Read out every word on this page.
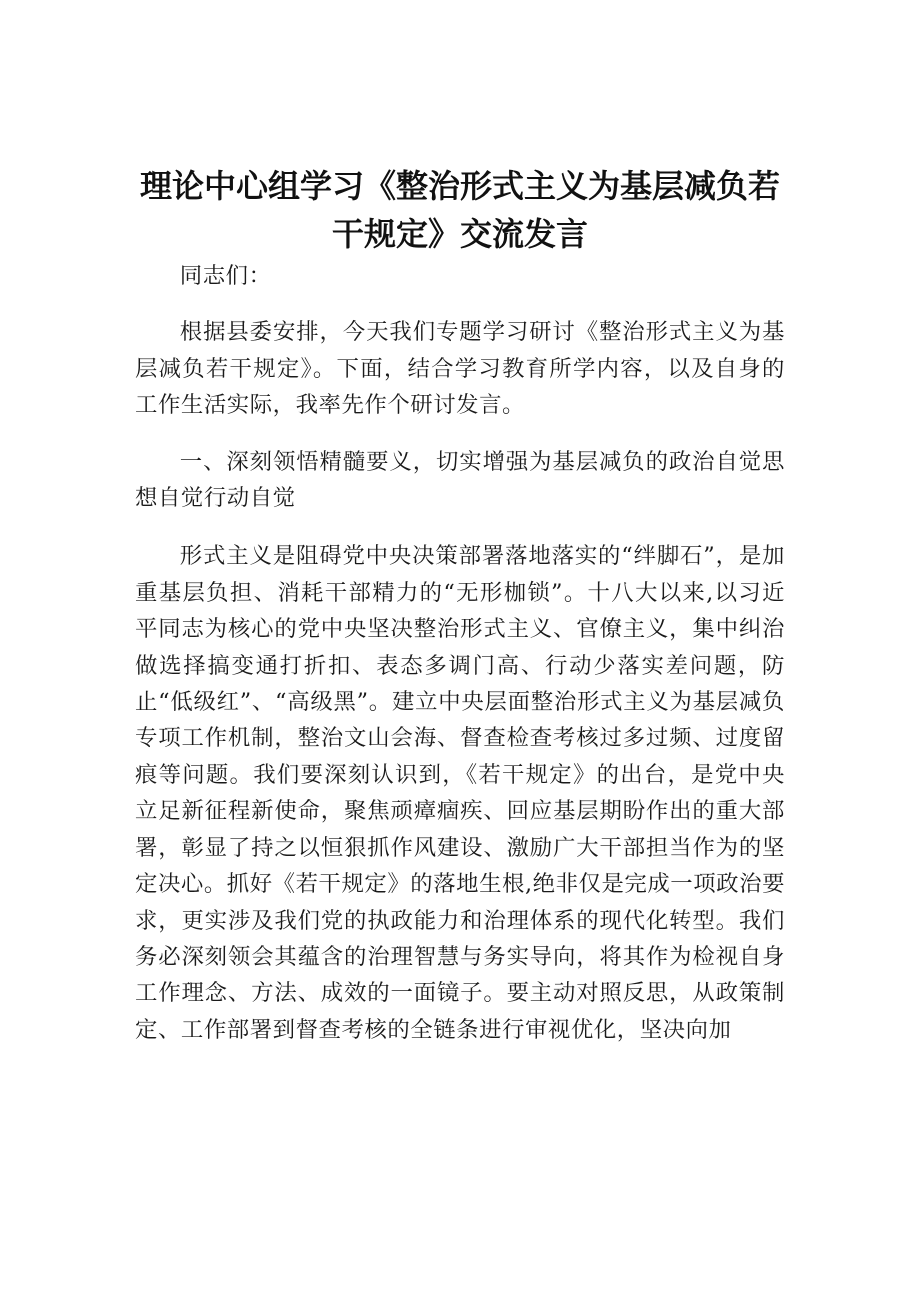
理论中心组学习《整治形式主义为基层减负若
干规定》交流发言

同志们：

根据县委安排，今天我们专题学习研讨《整治形式主义为基层减负若干规定》。下面，结合学习教育所学内容，以及自身的工作生活实际，我率先作个研讨发言。

一、深刻领悟精髓要义，切实增强为基层减负的政治自觉思想自觉行动自觉

形式主义是阻碍党中央决策部署落地落实的“绊脚石”，是加重基层负担、消耗干部精力的“无形枷锁”。十八大以来,以习近平同志为核心的党中央坚决整治形式主义、官僚主义，集中纠治做选择搞变通打折扣、表态多调门高、行动少落实差问题，防止“低级红”、“高级黑”。建立中央层面整治形式主义为基层减负专项工作机制，整治文山会海、督查检查考核过多过频、过度留痕等问题。我们要深刻认识到，《若干规定》的出台，是党中央立足新征程新使命，聚焦顽瘴痼疾、回应基层期盼作出的重大部署，彰显了持之以恒狠抓作风建设、激励广大干部担当作为的坚定决心。抓好《若干规定》的落地生根,绝非仅是完成一项政治要求，更实涉及我们党的执政能力和治理体系的现代化转型。我们务必深刻领会其蕴含的治理智慧与务实导向，将其作为检视自身工作理念、方法、成效的一面镜子。要主动对照反思，从政策制定、工作部署到督查考核的全链条进行审视优化，坚决向加
